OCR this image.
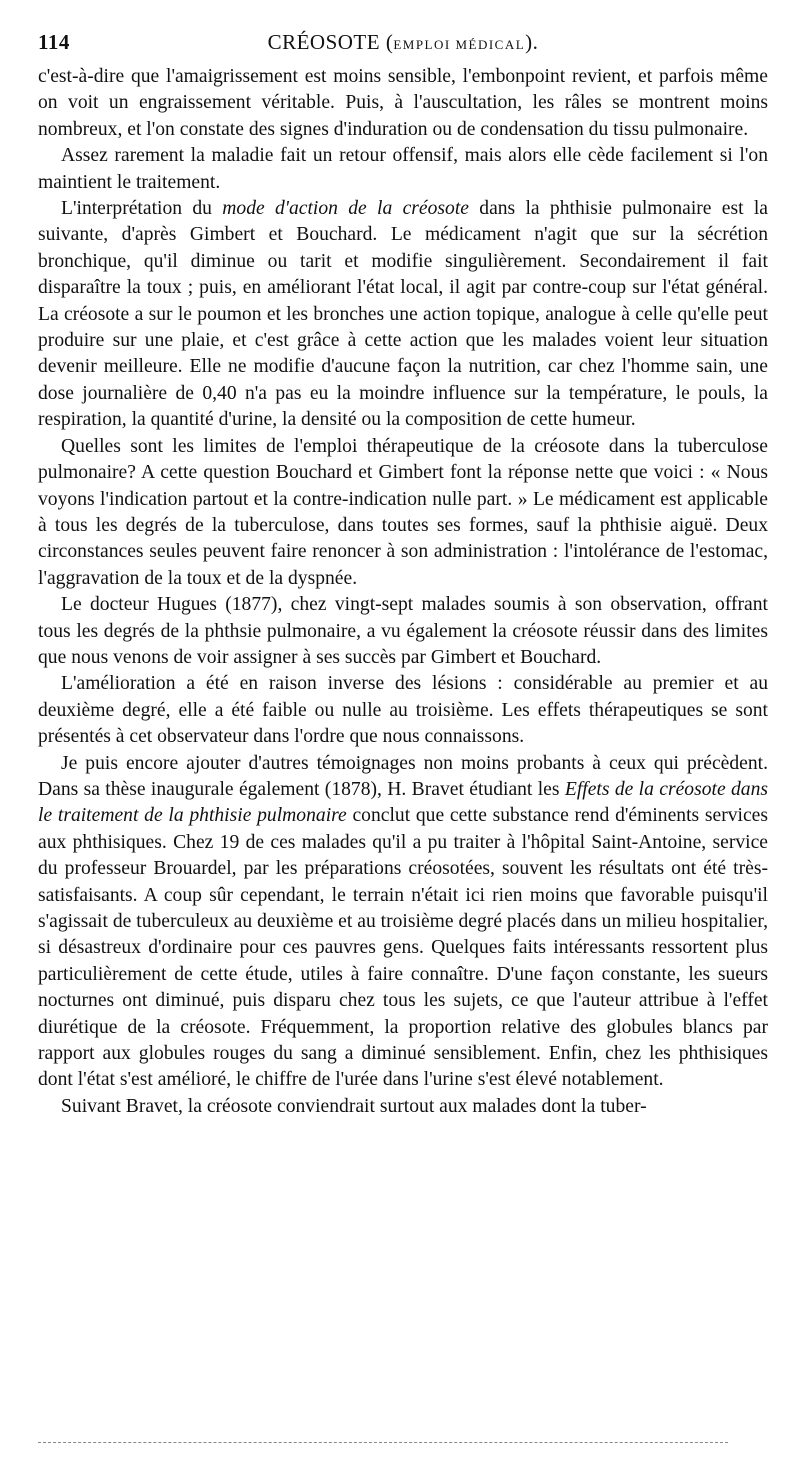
114	CRÉOSOTE (EMPLOI MÉDICAL).

c'est-à-dire que l'amaigrissement est moins sensible, l'embonpoint revient, et parfois même on voit un engraissement véritable. Puis, à l'auscultation, les râles se montrent moins nombreux, et l'on constate des signes d'induration ou de condensation du tissu pulmonaire.

Assez rarement la maladie fait un retour offensif, mais alors elle cède facilement si l'on maintient le traitement.

L'interprétation du mode d'action de la créosote dans la phthisie pulmonaire est la suivante, d'après Gimbert et Bouchard. Le médicament n'agit que sur la sécrétion bronchique, qu'il diminue ou tarit et modifie singulièrement. Secondairement il fait disparaître la toux ; puis, en améliorant l'état local, il agit par contre-coup sur l'état général. La créosote a sur le poumon et les bronches une action topique, analogue à celle qu'elle peut produire sur une plaie, et c'est grâce à cette action que les malades voient leur situation devenir meilleure. Elle ne modifie d'aucune façon la nutrition, car chez l'homme sain, une dose journalière de 0,40 n'a pas eu la moindre influence sur la température, le pouls, la respiration, la quantité d'urine, la densité ou la composition de cette humeur.

Quelles sont les limites de l'emploi thérapeutique de la créosote dans la tuberculose pulmonaire? A cette question Bouchard et Gimbert font la réponse nette que voici : « Nous voyons l'indication partout et la contre-indication nulle part. » Le médicament est applicable à tous les degrés de la tuberculose, dans toutes ses formes, sauf la phthisie aiguë. Deux circonstances seules peuvent faire renoncer à son administration : l'intolérance de l'estomac, l'aggravation de la toux et de la dyspnée.

Le docteur Hugues (1877), chez vingt-sept malades soumis à son observation, offrant tous les degrés de la phthsie pulmonaire, a vu également la créosote réussir dans des limites que nous venons de voir assigner à ses succès par Gimbert et Bouchard.

L'amélioration a été en raison inverse des lésions : considérable au premier et au deuxième degré, elle a été faible ou nulle au troisième. Les effets thérapeutiques se sont présentés à cet observateur dans l'ordre que nous connaissons.

Je puis encore ajouter d'autres témoignages non moins probants à ceux qui précèdent. Dans sa thèse inaugurale également (1878), H. Bravet étudiant les Effets de la créosote dans le traitement de la phthisie pulmonaire conclut que cette substance rend d'éminents services aux phthisiques. Chez 19 de ces malades qu'il a pu traiter à l'hôpital Saint-Antoine, service du professeur Brouardel, par les préparations créosotées, souvent les résultats ont été très-satisfaisants. A coup sûr cependant, le terrain n'était ici rien moins que favorable puisqu'il s'agissait de tuberculeux au deuxième et au troisième degré placés dans un milieu hospitalier, si désastreux d'ordinaire pour ces pauvres gens. Quelques faits intéressants ressortent plus particulièrement de cette étude, utiles à faire connaître. D'une façon constante, les sueurs nocturnes ont diminué, puis disparu chez tous les sujets, ce que l'auteur attribue à l'effet diurétique de la créosote. Fréquemment, la proportion relative des globules blancs par rapport aux globules rouges du sang a diminué sensiblement. Enfin, chez les phthisiques dont l'état s'est amélioré, le chiffre de l'urée dans l'urine s'est élevé notablement.

Suivant Bravet, la créosote conviendrait surtout aux malades dont la tuber-
